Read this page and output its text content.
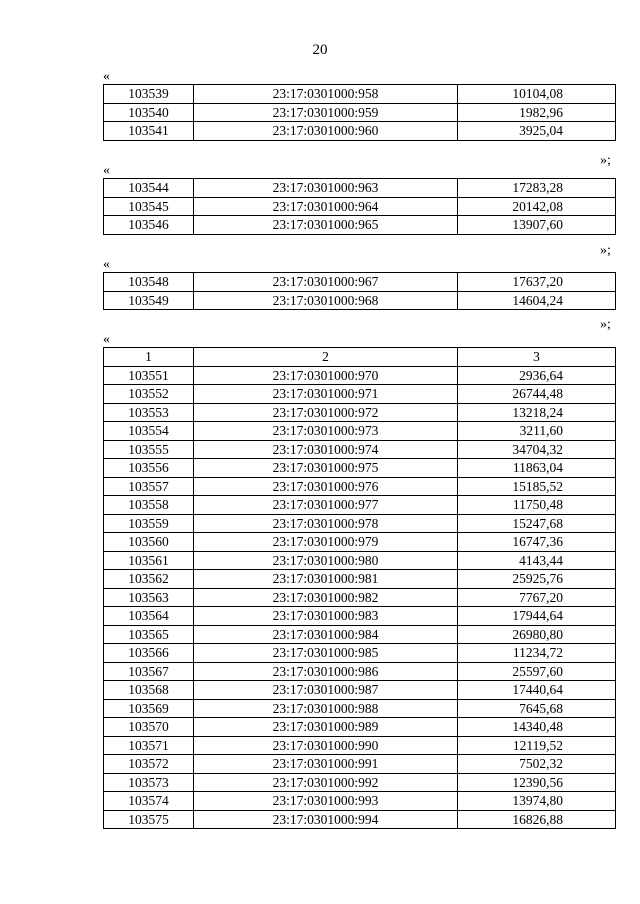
20
«
103539	23:17:0301000:958	10104,08
103540	23:17:0301000:959	1982,96
103541	23:17:0301000:960	3925,04
»;
«
103544	23:17:0301000:963	17283,28
103545	23:17:0301000:964	20142,08
103546	23:17:0301000:965	13907,60
»;
«
103548	23:17:0301000:967	17637,20
103549	23:17:0301000:968	14604,24
»;
«
1	2	3
103551	23:17:0301000:970	2936,64
103552	23:17:0301000:971	26744,48
103553	23:17:0301000:972	13218,24
103554	23:17:0301000:973	3211,60
103555	23:17:0301000:974	34704,32
103556	23:17:0301000:975	11863,04
103557	23:17:0301000:976	15185,52
103558	23:17:0301000:977	11750,48
103559	23:17:0301000:978	15247,68
103560	23:17:0301000:979	16747,36
103561	23:17:0301000:980	4143,44
103562	23:17:0301000:981	25925,76
103563	23:17:0301000:982	7767,20
103564	23:17:0301000:983	17944,64
103565	23:17:0301000:984	26980,80
103566	23:17:0301000:985	11234,72
103567	23:17:0301000:986	25597,60
103568	23:17:0301000:987	17440,64
103569	23:17:0301000:988	7645,68
103570	23:17:0301000:989	14340,48
103571	23:17:0301000:990	12119,52
103572	23:17:0301000:991	7502,32
103573	23:17:0301000:992	12390,56
103574	23:17:0301000:993	13974,80
103575	23:17:0301000:994	16826,88
